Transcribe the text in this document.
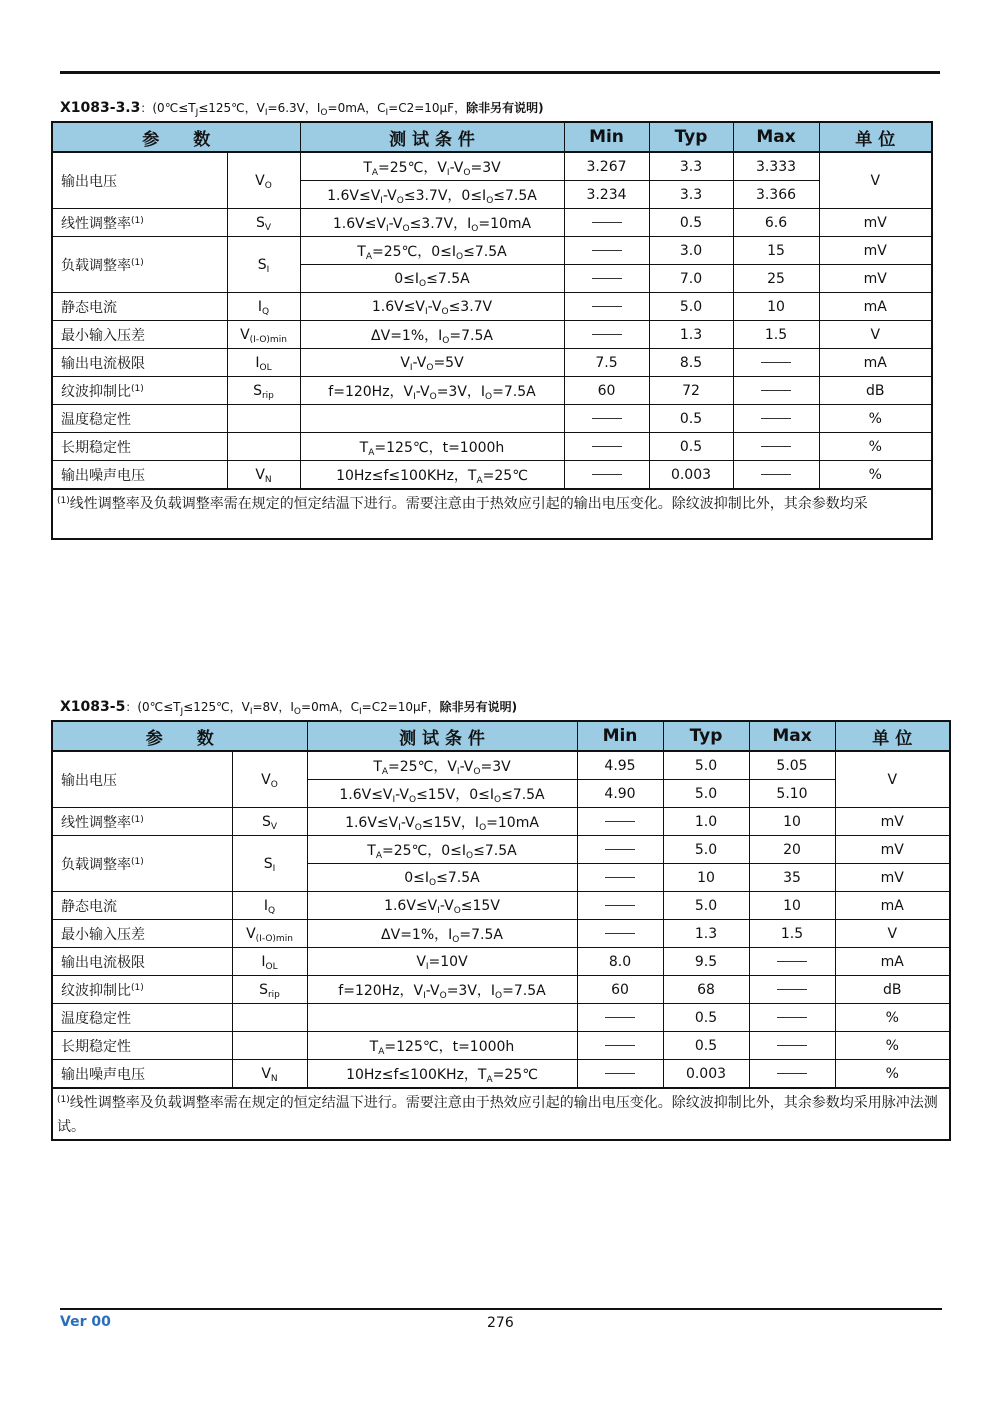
X1083-3.3：($0℃\le T_J\le 125℃$，$V_I=6.3V$，$I_O=0mA$，$C_I=C2=10\mu F$，除非另有说明)
参　　数		测 试 条 件	Min	Typ	Max	单 位
输出电压	$V_O$	$T_A=25℃$，$V_I-V_O=3V$	3.267	3.3	3.333	V
		$1.6V\le V_I-V_O\le 3.7V$，$0\le I_O\le 7.5A$	3.234	3.3	3.366	
线性调整率$^{(1)}$	$S_V$	$1.6V\le V_I-V_O\le 3.7V$，$I_O=10mA$		0.5	6.6	mV
负载调整率$^{(1)}$	$S_I$	$T_A=25℃$，$0\le I_O\le 7.5A$		3.0	15	mV
		$0\le I_O\le 7.5A$		7.0	25	mV
静态电流	$I_Q$	$1.6V\le V_I-V_O\le 3.7V$		5.0	10	mA
最小输入压差	$V_{(I-O)min}$	ΔV=1%，$I_O=7.5A$		1.3	1.5	V
输出电流极限	$I_{OL}$	$V_I-V_O=5V$	7.5	8.5		mA
纹波抑制比$^{(1)}$	$S_{rip}$	f=120Hz，$V_I-V_O=3V$，$I_O=7.5A$	60	72		dB
温度稳定性				0.5		%
长期稳定性		$T_A=125℃$，t=1000h		0.5		%
输出噪声电压	$V_N$	10Hz≤f≤100KHz，$T_A=25℃$		0.003		%
$^{(1)}$线性调整率及负载调整率需在规定的恒定结温下进行。需要注意由于热效应引起的输出电压变化。除纹波抑制比外，其余参数均采						
X1083-5：($0℃\le T_J\le 125℃$，$V_I=8V$，$I_O=0mA$，$C_I=C2=10\mu F$，除非另有说明)
参　　数		测 试 条 件	Min	Typ	Max	单 位
输出电压	$V_O$	$T_A=25℃$，$V_I-V_O=3V$	4.95	5.0	5.05	V
		$1.6V\le V_I-V_O\le 15V$，$0\le I_O\le 7.5A$	4.90	5.0	5.10	
线性调整率$^{(1)}$	$S_V$	$1.6V\le V_I-V_O\le 15V$，$I_O=10mA$		1.0	10	mV
负载调整率$^{(1)}$	$S_I$	$T_A=25℃$，$0\le I_O\le 7.5A$		5.0	20	mV
		$0\le I_O\le 7.5A$		10	35	mV
静态电流	$I_Q$	$1.6V\le V_I-V_O\le 15V$		5.0	10	mA
最小输入压差	$V_{(I-O)min}$	ΔV=1%，$I_O=7.5A$		1.3	1.5	V
输出电流极限	$I_{OL}$	$V_I=10V$	8.0	9.5		mA
纹波抑制比$^{(1)}$	$S_{rip}$	f=120Hz，$V_I-V_O=3V$，$I_O=7.5A$	60	68		dB
温度稳定性				0.5		%
长期稳定性		$T_A=125℃$，t=1000h		0.5		%
输出噪声电压	$V_N$	10Hz≤f≤100KHz，$T_A=25℃$		0.003		%
$^{(1)}$线性调整率及负载调整率需在规定的恒定结温下进行。需要注意由于热效应引起的输出电压变化。除纹波抑制比外，其余参数均采用脉冲法测试。						
Ver 00	276
